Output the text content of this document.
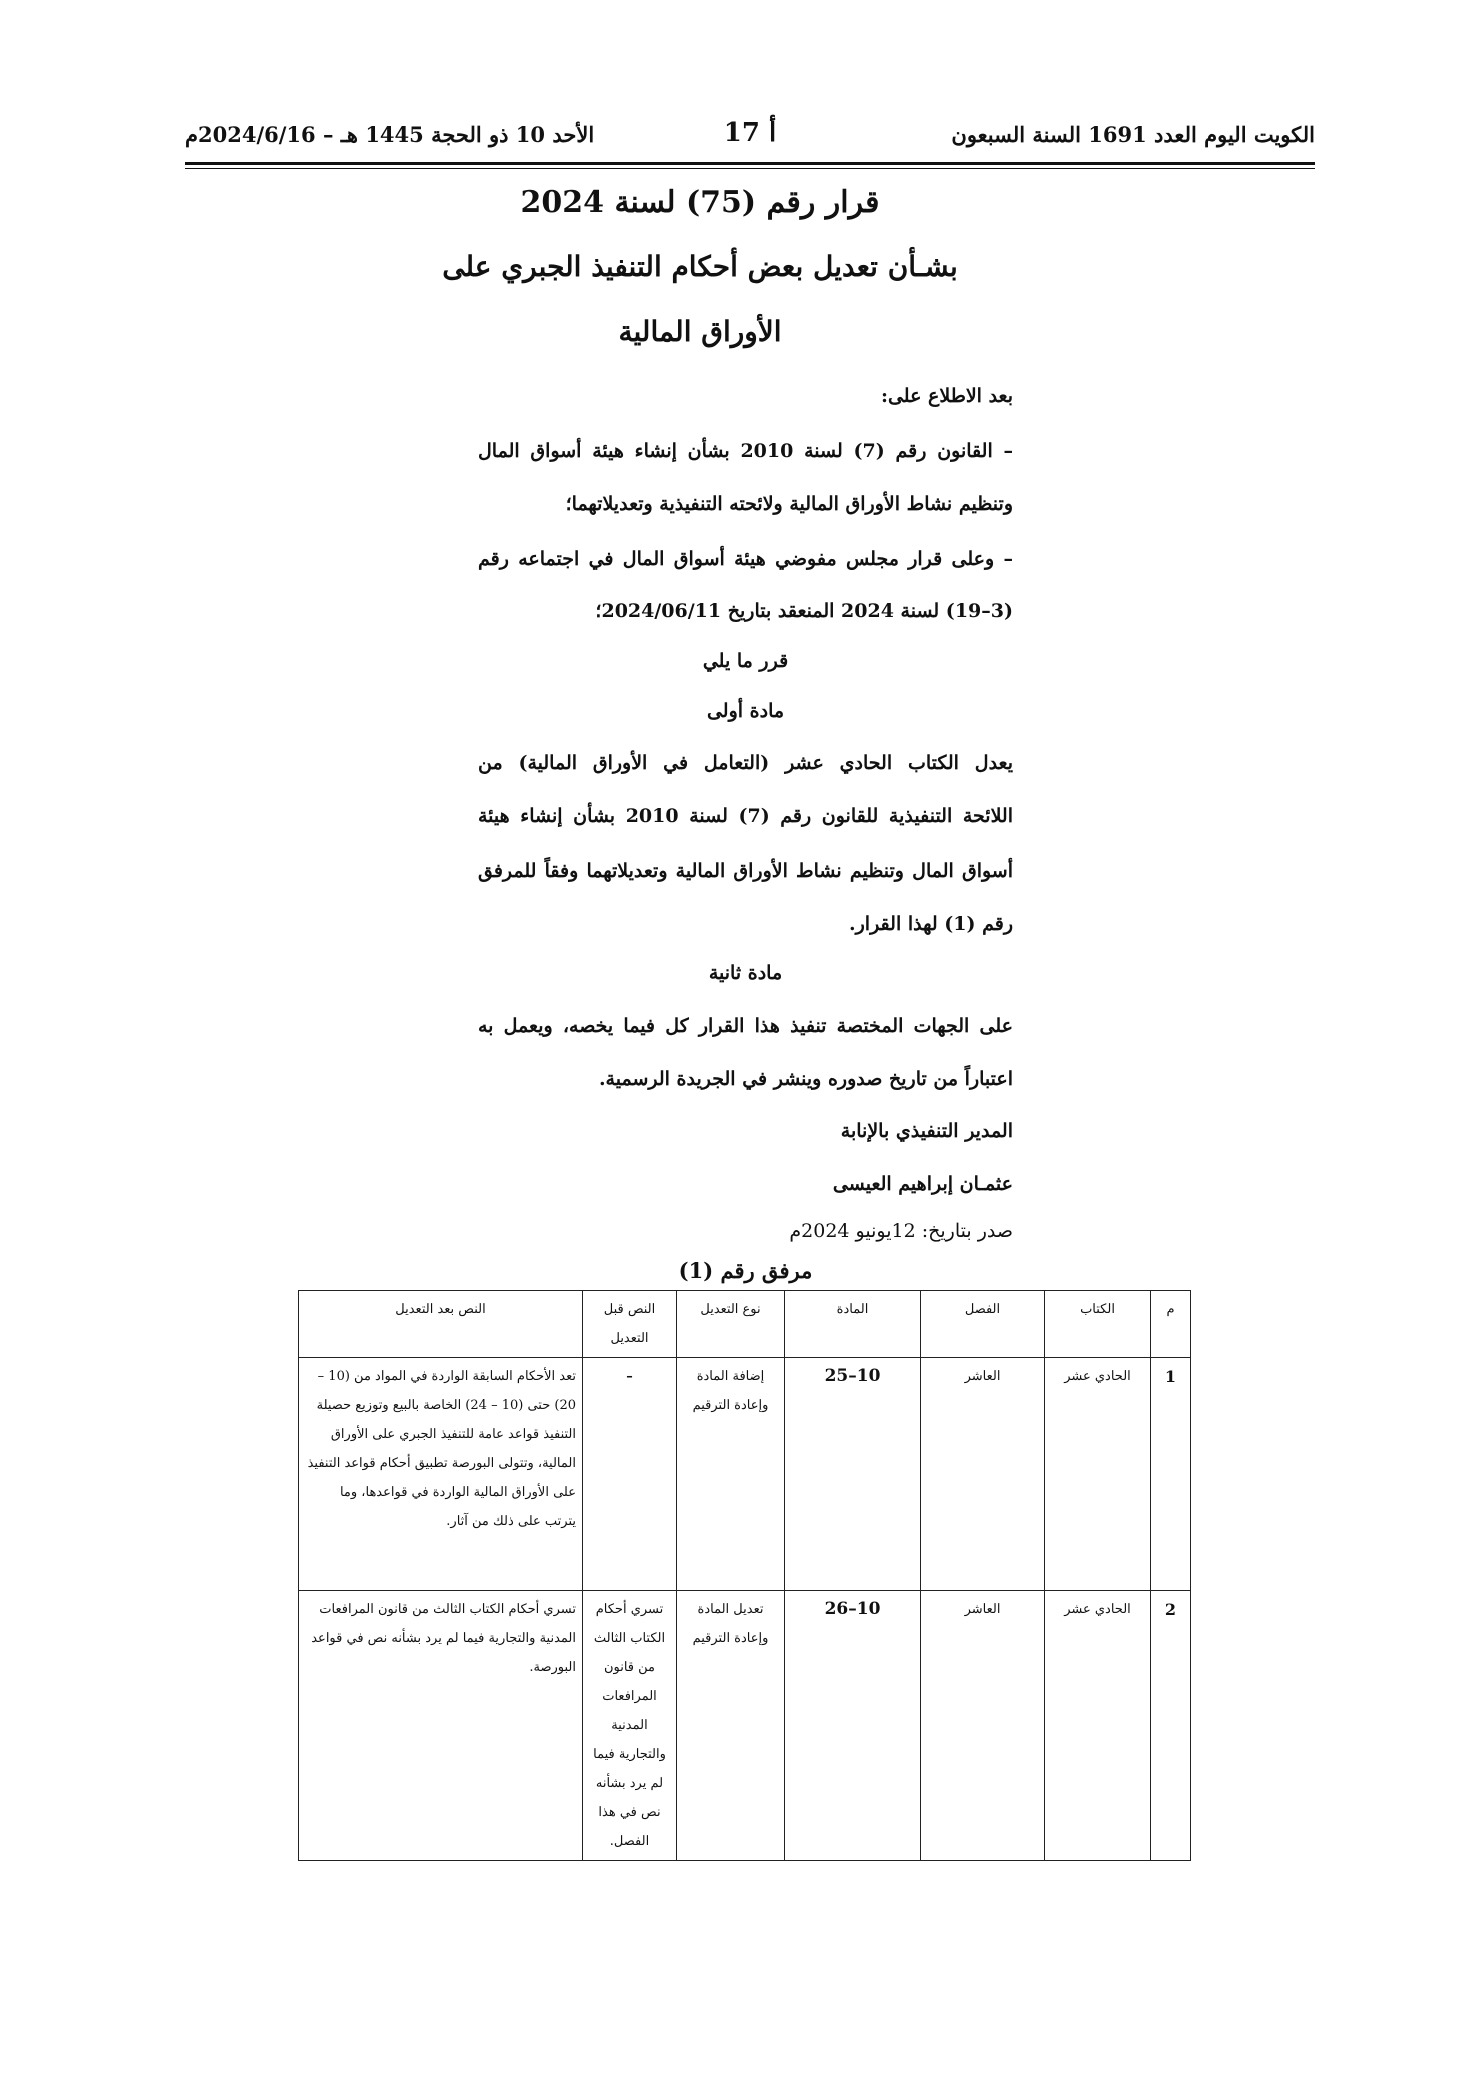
الكويت اليوم العدد 1691 السنة السبعون
أ 17
الأحد 10 ذو الحجة 1445 هـ – 2024/6/16م
قرار رقم (75) لسنة 2024
بشـأن تعديل بعض أحكام التنفيذ الجبري على
الأوراق المالية
بعد الاطلاع على:
– القانون رقم (7) لسنة 2010 بشأن إنشاء هيئة أسواق المال
وتنظيم نشاط الأوراق المالية ولائحته التنفيذية وتعديلاتهما؛
– وعلى قرار مجلس مفوضي هيئة أسواق المال في اجتماعه رقم
(3–19) لسنة 2024 المنعقد بتاريخ 2024/06/11؛
قرر ما يلي
مادة أولى
يعدل الكتاب الحادي عشر (التعامل في الأوراق المالية) من
اللائحة التنفيذية للقانون رقم (7) لسنة 2010 بشأن إنشاء هيئة
أسواق المال وتنظيم نشاط الأوراق المالية وتعديلاتهما وفقاً للمرفق
رقم (1) لهذا القرار.
مادة ثانية
على الجهات المختصة تنفيذ هذا القرار كل فيما يخصه، ويعمل به
اعتباراً من تاريخ صدوره وينشر في الجريدة الرسمية.
المدير التنفيذي بالإنابة
عثمـان إبراهيم العيسى
صدر بتاريخ: 12يونيو 2024م
مرفق رقم (1)
م	الكتاب	الفصل	المادة	نوع التعديل	النص قبل التعديل	النص بعد التعديل
1	الحادي عشر	العاشر	10–25	إضافة المادة وإعادة الترقيم	–	تعد الأحكام السابقة الواردة في المواد من (10 – 20) حتى (10 – 24) الخاصة بالبيع وتوزيع حصيلة التنفيذ قواعد عامة للتنفيذ الجبري على الأوراق المالية، وتتولى البورصة تطبيق أحكام قواعد التنفيذ على الأوراق المالية الواردة في قواعدها، وما يترتب على ذلك من آثار.
2	الحادي عشر	العاشر	10–26	تعديل المادة وإعادة الترقيم	تسري أحكام الكتاب الثالث من قانون المرافعات المدنية والتجارية فيما لم يرد بشأنه نص في هذا الفصل.	تسري أحكام الكتاب الثالث من قانون المرافعات المدنية والتجارية فيما لم يرد بشأنه نص في قواعد البورصة.
